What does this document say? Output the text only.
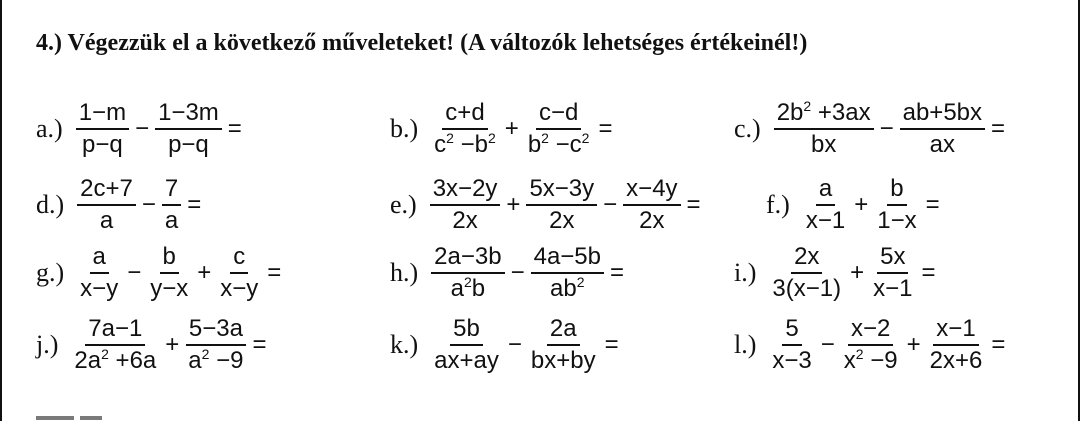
4.) Végezzük el a következő műveleteket! (A változók lehetséges értékeinél!)
$a.) \frac{1-m}{p-q} - \frac{1-3m}{p-q}$ =	$b.) \frac{c+d}{c^2 -b^2} + \frac{c-d}{b^2 -c^2}$ =	$c.) \frac{2b^2 +3ax}{bx} - \frac{ab+5bx}{ax}$ =
$d.) \frac{2c+7}{a} - \frac{7}{a}$ =	$e.) \frac{3x-2y}{2x} + \frac{5x-3y}{2x} - \frac{x-4y}{2x}$ =	$f.) \frac{a}{x-1} + \frac{b}{1-x}$ =
$g.) \frac{a}{x-y} - \frac{b}{y-x} + \frac{c}{x-y}$ =	$h.) \frac{2a-3b}{a^2b} - \frac{4a-5b}{ab^2}$ =	$i.) \frac{2x}{3(x-1)} + \frac{5x}{x-1}$ =
$j.) \frac{7a-1}{2a^2 +6a} + \frac{5-3a}{a^2 -9}$ =	$k.) \frac{5b}{ax+ay} - \frac{2a}{bx+by}$ =	$l.) \frac{5}{x-3} - \frac{x-2}{x^2 -9} + \frac{x-1}{2x+6}$ =
